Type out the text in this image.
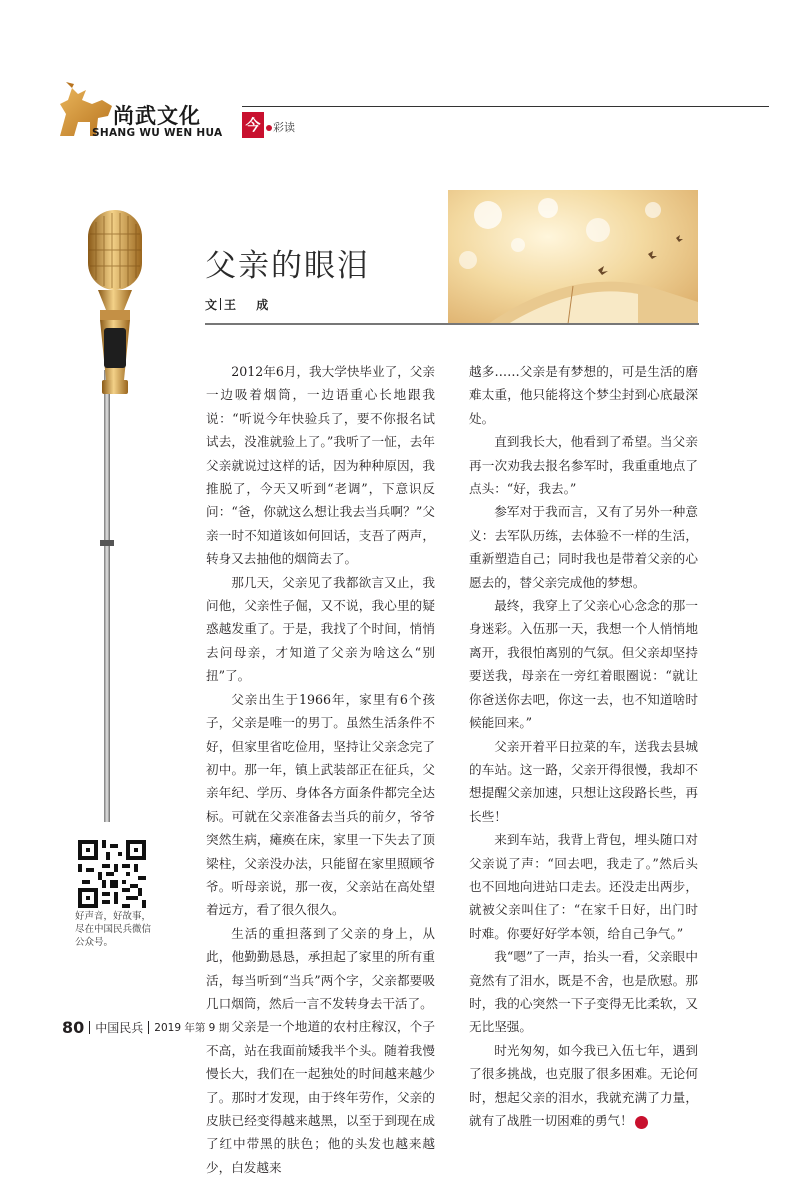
尚武文化
SHANG WU WEN HUA 今	彩读
父亲的眼泪
文 王 成

2012年6月，我大学快毕业了，父亲一边吸着烟筒，一边语重心长地跟我说：“听说今年快验兵了，要不你报名试试去，没准就验上了。”我听了一怔，去年父亲就说过这样的话，因为种种原因，我推脱了，今天又听到“老调”，下意识反问：“爸，你就这么想让我去当兵啊？”父亲一时不知道该如何回话，支吾了两声，转身又去抽他的烟筒去了。

那几天，父亲见了我都欲言又止，我问他，父亲性子倔，又不说，我心里的疑惑越发重了。于是，我找了个时间，悄悄去问母亲，才知道了父亲为啥这么“别扭”了。

父亲出生于1966年，家里有6个孩子，父亲是唯一的男丁。虽然生活条件不好，但家里省吃俭用，坚持让父亲念完了初中。那一年，镇上武装部正在征兵，父亲年纪、学历、身体各方面条件都完全达标。可就在父亲准备去当兵的前夕，爷爷突然生病，瘫痪在床，家里一下失去了顶梁柱，父亲没办法，只能留在家里照顾爷爷。听母亲说，那一夜，父亲站在高处望着远方，看了很久很久。

生活的重担落到了父亲的身上，从此，他勤勤恳恳，承担起了家里的所有重活，每当听到“当兵”两个字，父亲都要吸几口烟筒，然后一言不发转身去干活了。

父亲是一个地道的农村庄稼汉，个子不高，站在我面前矮我半个头。随着我慢慢长大，我们在一起独处的时间越来越少了。那时才发现，由于终年劳作，父亲的皮肤已经变得越来越黑，以至于到现在成了红中带黑的肤色；他的头发也越来越少，白发越来

越多……父亲是有梦想的，可是生活的磨难太重，他只能将这个梦尘封到心底最深处。

直到我长大，他看到了希望。当父亲再一次劝我去报名参军时，我重重地点了点头：“好，我去。”

参军对于我而言，又有了另外一种意义：去军队历练，去体验不一样的生活，重新塑造自己；同时我也是带着父亲的心愿去的，替父亲完成他的梦想。

最终，我穿上了父亲心心念念的那一身迷彩。入伍那一天，我想一个人悄悄地离开，我很怕离别的气氛。但父亲却坚持要送我，母亲在一旁红着眼圈说：“就让你爸送你去吧，你这一去，也不知道啥时候能回来。”

父亲开着平日拉菜的车，送我去县城的车站。这一路，父亲开得很慢，我却不想提醒父亲加速，只想让这段路长些，再长些！

来到车站，我背上背包，埋头随口对父亲说了声：“回去吧，我走了。”然后头也不回地向进站口走去。还没走出两步，就被父亲叫住了：“在家千日好，出门时时难。你要好好学本领，给自己争气。”

我“嗯”了一声，抬头一看，父亲眼中竟然有了泪水，既是不舍，也是欣慰。那时，我的心突然一下子变得无比柔软，又无比坚强。

时光匆匆，如今我已入伍七年，遇到了很多挑战，也克服了很多困难。无论何时，想起父亲的泪水，我就充满了力量，就有了战胜一切困难的勇气！	U

好声音，好故事，尽在中国民兵微信公众号。
80 中国民兵 2019 年第 9 期
